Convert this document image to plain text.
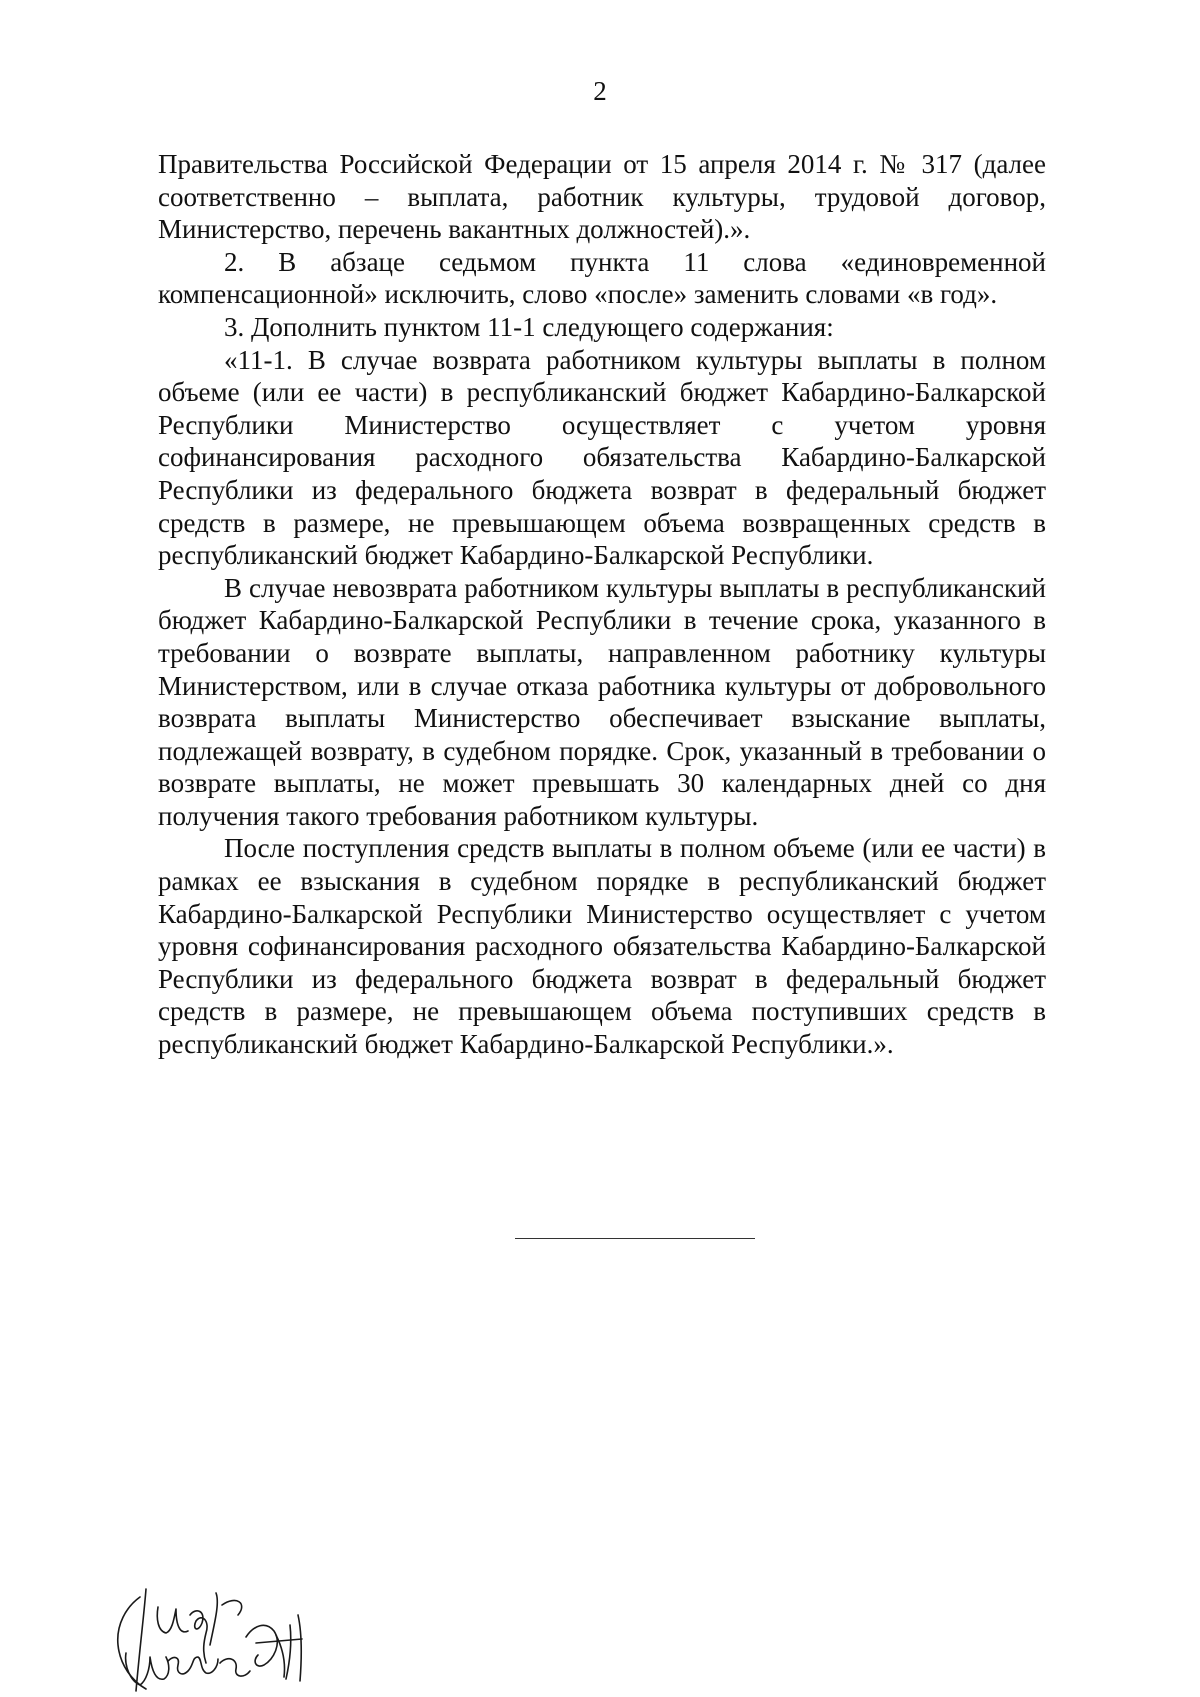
2

Правительства Российской Федерации от 15 апреля 2014 г. № 317 (далее соответственно – выплата, работник культуры, трудовой договор, Министерство, перечень вакантных должностей).».

2. В абзаце седьмом пункта 11 слова «единовременной компенсационной» исключить, слово «после» заменить словами «в год».

3. Дополнить пунктом 11-1 следующего содержания:

«11-1. В случае возврата работником культуры выплаты в полном объеме (или ее части) в республиканский бюджет Кабардино-Балкарской Республики Министерство осуществляет с учетом уровня софинансирования расходного обязательства Кабардино-Балкарской Республики из федерального бюджета возврат в федеральный бюджет средств в размере, не превышающем объема возвращенных средств в республиканский бюджет Кабардино-Балкарской Республики.

В случае невозврата работником культуры выплаты в республиканский бюджет Кабардино-Балкарской Республики в течение срока, указанного в требовании о возврате выплаты, направленном работнику культуры Министерством, или в случае отказа работника культуры от добровольного возврата выплаты Министерство обеспечивает взыскание выплаты, подлежащей возврату, в судебном порядке. Срок, указанный в требовании о возврате выплаты, не может превышать 30 календарных дней со дня получения такого требования работником культуры.

После поступления средств выплаты в полном объеме (или ее части) в рамках ее взыскания в судебном порядке в республиканский бюджет Кабардино-Балкарской Республики Министерство осуществляет с учетом уровня софинансирования расходного обязательства Кабардино-Балкарской Республики из федерального бюджета возврат в федеральный бюджет средств в размере, не превышающем объема поступивших средств в республиканский бюджет Кабардино-Балкарской Республики.».
